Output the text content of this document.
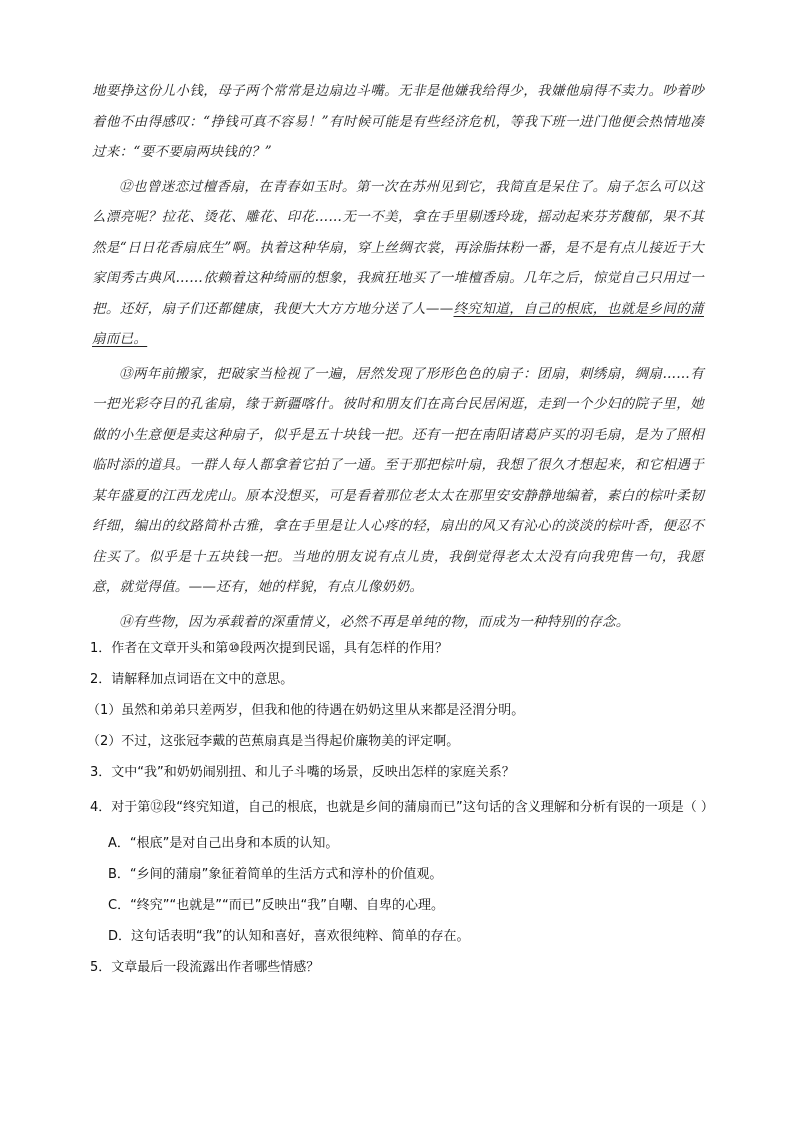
地要挣这份儿小钱，母子两个常常是边扇边斗嘴。无非是他嫌我给得少，我嫌他扇得不卖力。吵着吵着他不由得感叹：“挣钱可真不容易！”有时候可能是有些经济危机，等我下班一进门他便会热情地凑过来：“要不要扇两块钱的？”

⑫也曾迷恋过檀香扇，在青春如玉时。第一次在苏州见到它，我简直是呆住了。扇子怎么可以这么漂亮呢？拉花、烫花、雕花、印花……无一不美，拿在手里剔透玲珑，摇动起来芬芳馥郁，果不其然是“日日花香扇底生”啊。执着这种华扇，穿上丝绸衣裳，再涂脂抹粉一番，是不是有点儿接近于大家闺秀古典风……依赖着这种绮丽的想象，我疯狂地买了一堆檀香扇。几年之后，惊觉自己只用过一把。还好，扇子们还都健康，我便大大方方地分送了人——终究知道，自己的根底，也就是乡间的蒲扇而已。

⑬两年前搬家，把破家当检视了一遍，居然发现了形形色色的扇子：团扇，刺绣扇，绸扇……有一把光彩夺目的孔雀扇，缘于新疆喀什。彼时和朋友们在高台民居闲逛，走到一个少妇的院子里，她做的小生意便是卖这种扇子，似乎是五十块钱一把。还有一把在南阳诸葛庐买的羽毛扇，是为了照相临时添的道具。一群人每人都拿着它拍了一通。至于那把棕叶扇，我想了很久才想起来，和它相遇于某年盛夏的江西龙虎山。原本没想买，可是看着那位老太太在那里安安静静地编着，素白的棕叶柔韧纤细，编出的纹路简朴古雅，拿在手里是让人心疼的轻，扇出的风又有沁心的淡淡的棕叶香，便忍不住买了。似乎是十五块钱一把。当地的朋友说有点儿贵，我倒觉得老太太没有向我兜售一句，我愿意，就觉得值。——还有，她的样貌，有点儿像奶奶。

⑭有些物，因为承载着的深重情义，必然不再是单纯的物，而成为一种特别的存念。

1．作者在文章开头和第⑩段两次提到民谣，具有怎样的作用？

2．请解释加点词语在文中的意思。

（1）虽然和弟弟只差两岁，但我和他的待遇在奶奶这里从来都是泾渭分明。

（2）不过，这张冠李戴的芭蕉扇真是当得起价廉物美的评定啊。

3．文中“我”和奶奶闹别扭、和儿子斗嘴的场景，反映出怎样的家庭关系？

4．对于第⑫段“终究知道，自己的根底，也就是乡间的蒲扇而已”这句话的含义理解和分析有误的一项是（ ）

A．“根底”是对自己出身和本质的认知。

B．“乡间的蒲扇”象征着简单的生活方式和淳朴的价值观。

C．“终究”“也就是”“而已”反映出“我”自嘲、自卑的心理。

D．这句话表明“我”的认知和喜好，喜欢很纯粹、简单的存在。

5．文章最后一段流露出作者哪些情感？
